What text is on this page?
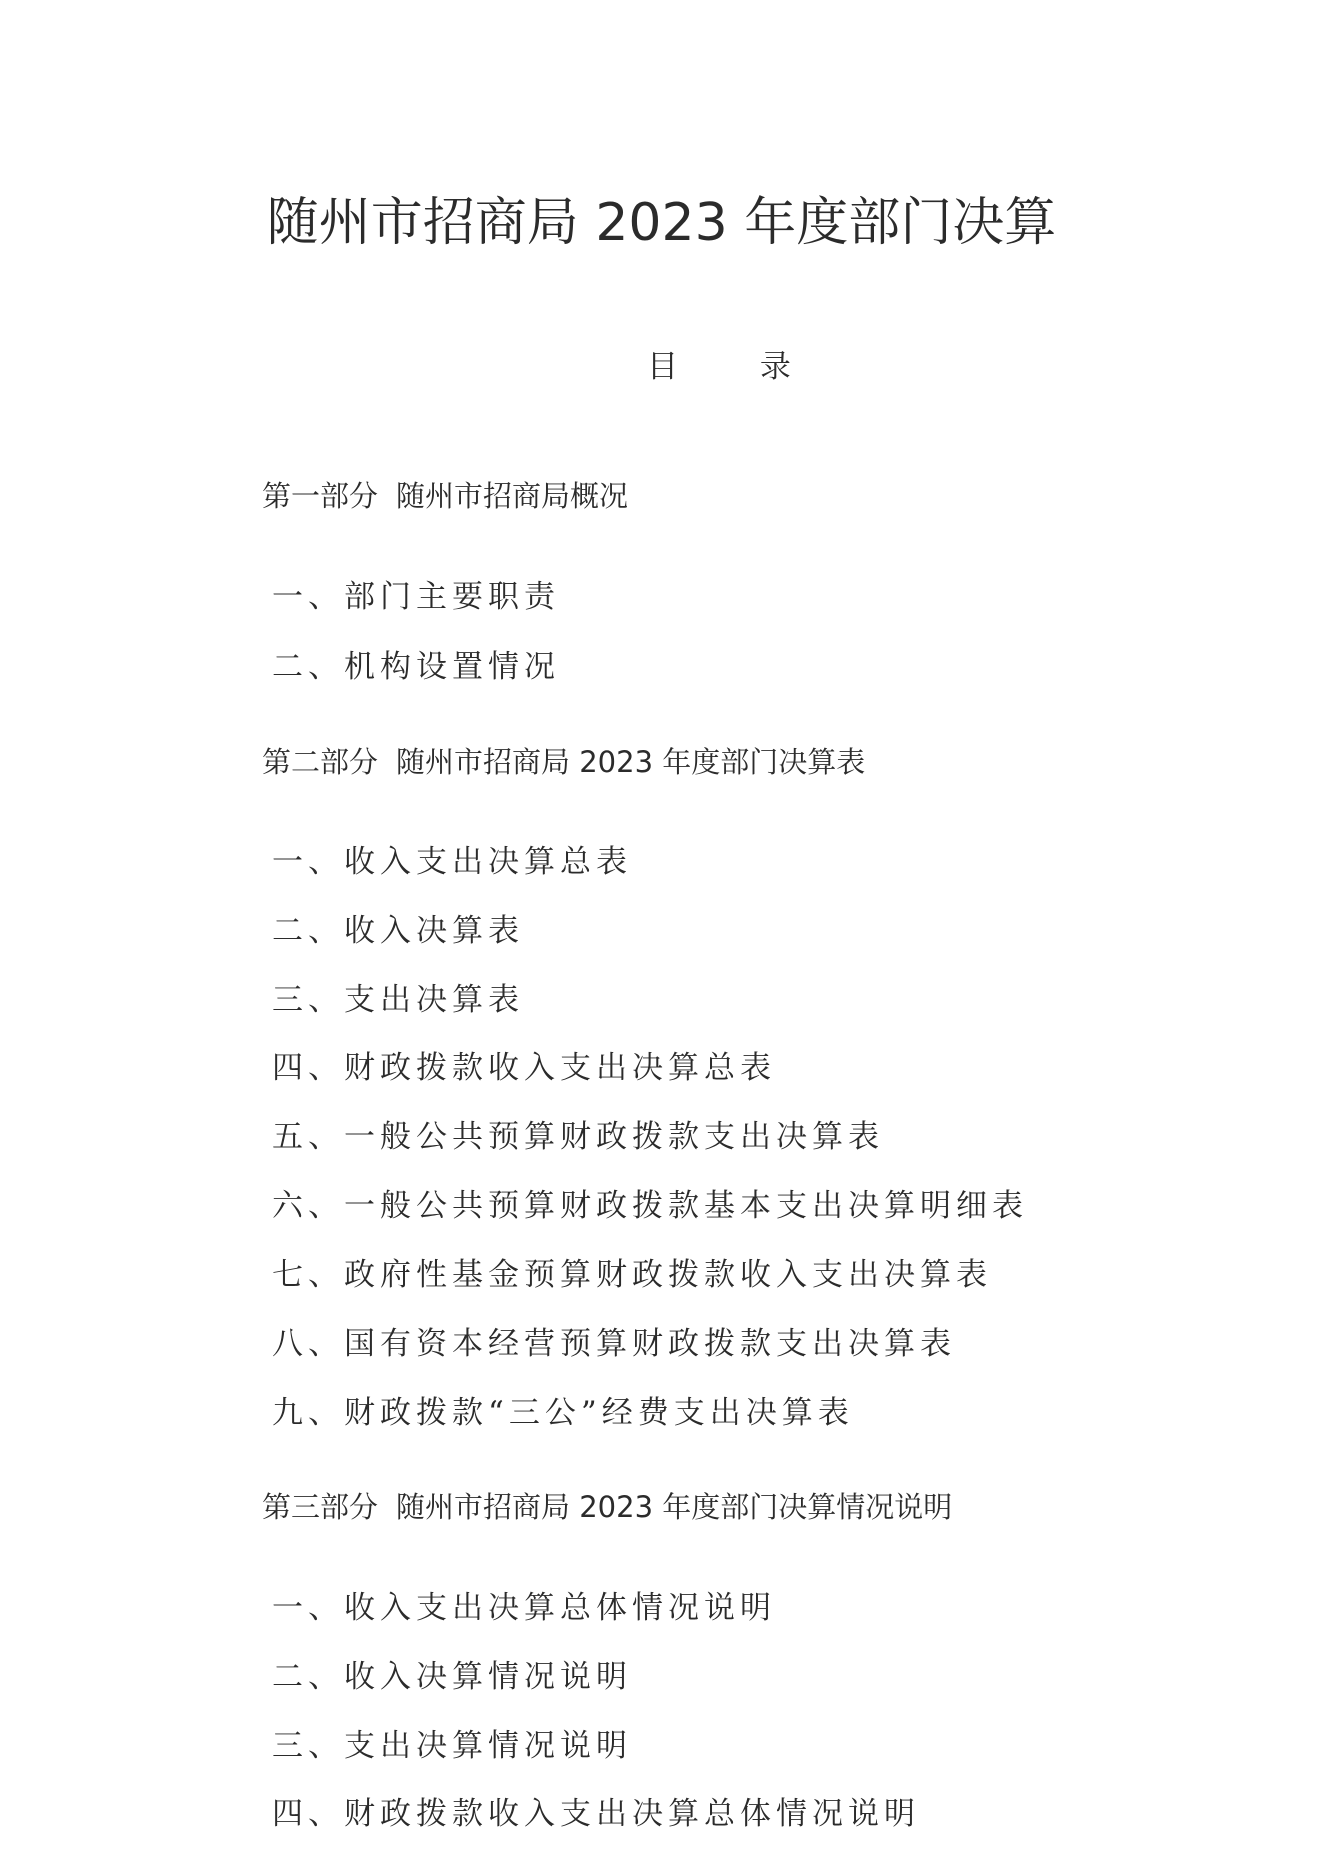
随州市招商局 2023 年度部门决算
目 录
第一部分 随州市招商局概况
一、部门主要职责
二、机构设置情况
第二部分 随州市招商局 2023 年度部门决算表
一、收入支出决算总表
二、收入决算表
三、支出决算表
四、财政拨款收入支出决算总表
五、一般公共预算财政拨款支出决算表
六、一般公共预算财政拨款基本支出决算明细表
七、政府性基金预算财政拨款收入支出决算表
八、国有资本经营预算财政拨款支出决算表
九、财政拨款“三公”经费支出决算表
第三部分 随州市招商局 2023 年度部门决算情况说明
一、收入支出决算总体情况说明
二、收入决算情况说明
三、支出决算情况说明
四、财政拨款收入支出决算总体情况说明
